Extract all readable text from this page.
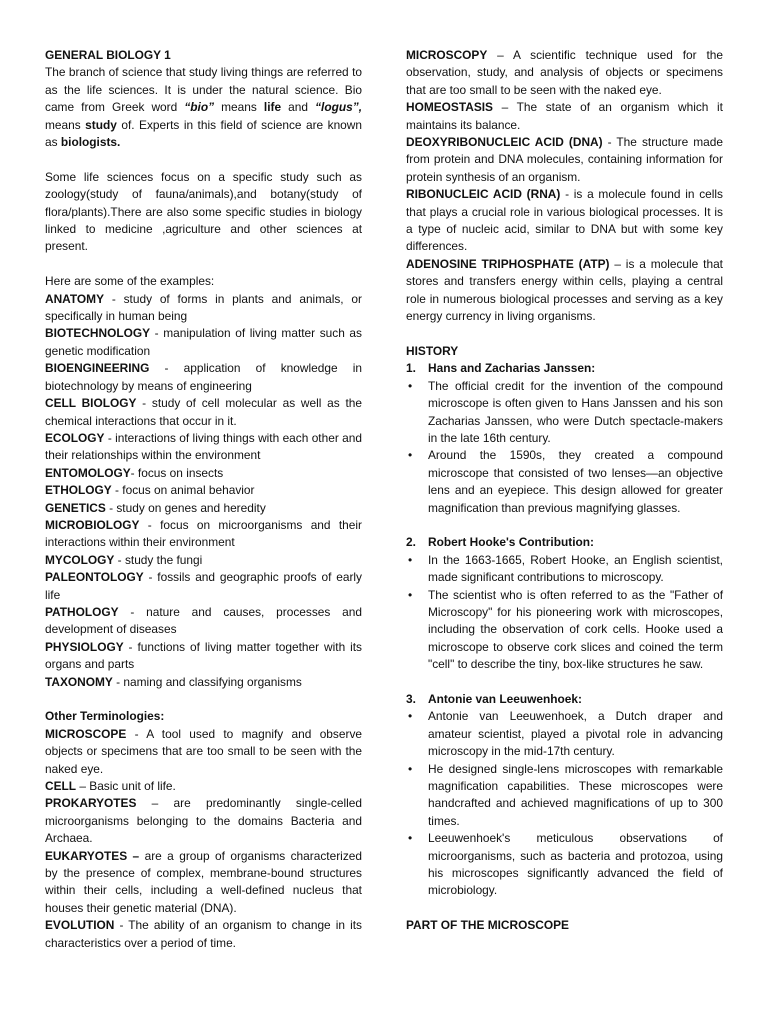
GENERAL BIOLOGY 1

The branch of science that study living things are referred to as the life sciences. It is under the natural science. Bio came from Greek word “bio” means life and “logus”, means study of. Experts in this field of science are known as biologists.

Some life sciences focus on a specific study such as zoology(study of fauna/animals),and botany(study of flora/plants).There are also some specific studies in biology linked to medicine ,agriculture and other sciences at present.

Here are some of the examples:

ANATOMY - study of forms in plants and animals, or specifically in human being

BIOTECHNOLOGY - manipulation of living matter such as genetic modification

BIOENGINEERING - application of knowledge in biotechnology by means of engineering

CELL BIOLOGY - study of cell molecular as well as the chemical interactions that occur in it.

ECOLOGY - interactions of living things with each other and their relationships within the environment

ENTOMOLOGY- focus on insects

ETHOLOGY - focus on animal behavior

GENETICS - study on genes and heredity

MICROBIOLOGY - focus on microorganisms and their interactions within their environment

MYCOLOGY - study the fungi

PALEONTOLOGY - fossils and geographic proofs of early life

PATHOLOGY - nature and causes, processes and development of diseases

PHYSIOLOGY - functions of living matter together with its organs and parts

TAXONOMY - naming and classifying organisms

Other Terminologies:

MICROSCOPE - A tool used to magnify and observe objects or specimens that are too small to be seen with the naked eye.

CELL – Basic unit of life.

PROKARYOTES – are predominantly single-celled microorganisms belonging to the domains Bacteria and Archaea.

EUKARYOTES – are a group of organisms characterized by the presence of complex, membrane-bound structures within their cells, including a well-defined nucleus that houses their genetic material (DNA).

EVOLUTION - The ability of an organism to change in its characteristics over a period of time.

MICROSCOPY – A scientific technique used for the observation, study, and analysis of objects or specimens that are too small to be seen with the naked eye.

HOMEOSTASIS – The state of an organism which it maintains its balance.

DEOXYRIBONUCLEIC ACID (DNA) - The structure made from protein and DNA molecules, containing information for protein synthesis of an organism.

RIBONUCLEIC ACID (RNA) - is a molecule found in cells that plays a crucial role in various biological processes. It is a type of nucleic acid, similar to DNA but with some key differences.

ADENOSINE TRIPHOSPHATE (ATP) – is a molecule that stores and transfers energy within cells, playing a central role in numerous biological processes and serving as a key energy currency in living organisms.

HISTORY

1. Hans and Zacharias Janssen:

• The official credit for the invention of the compound microscope is often given to Hans Janssen and his son Zacharias Janssen, who were Dutch spectacle-makers in the late 16th century.
• Around the 1590s, they created a compound microscope that consisted of two lenses—an objective lens and an eyepiece. This design allowed for greater magnification than previous magnifying glasses.

2. Robert Hooke's Contribution:

• In the 1663-1665, Robert Hooke, an English scientist, made significant contributions to microscopy.
• The scientist who is often referred to as the "Father of Microscopy" for his pioneering work with microscopes, including the observation of cork cells. Hooke used a microscope to observe cork slices and coined the term "cell" to describe the tiny, box-like structures he saw.

3. Antonie van Leeuwenhoek:

• Antonie van Leeuwenhoek, a Dutch draper and amateur scientist, played a pivotal role in advancing microscopy in the mid-17th century.
• He designed single-lens microscopes with remarkable magnification capabilities. These microscopes were handcrafted and achieved magnifications of up to 300 times.
• Leeuwenhoek's meticulous observations of microorganisms, such as bacteria and protozoa, using his microscopes significantly advanced the field of microbiology.

PART OF THE MICROSCOPE
